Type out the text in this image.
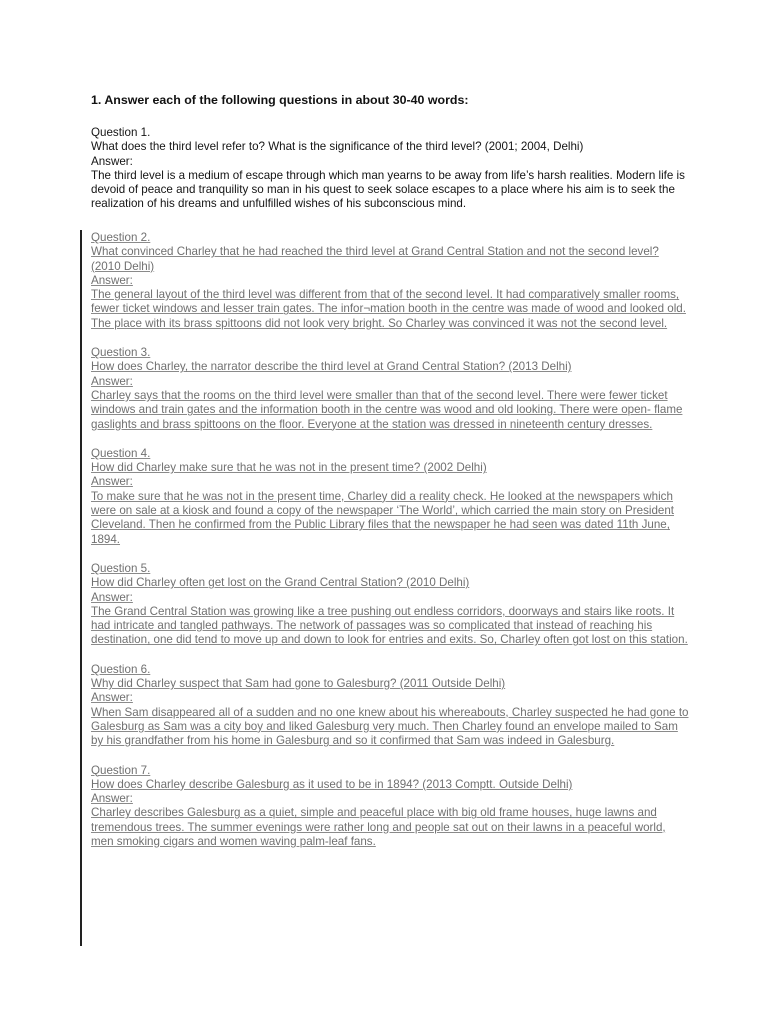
1. Answer each of the following questions in about 30-40 words:

Question 1.

What does the third level refer to? What is the significance of the third level? (2001; 2004, Delhi)

Answer:

The third level is a medium of escape through which man yearns to be away from life’s harsh realities. Modern life is devoid of peace and tranquility so man in his quest to seek solace escapes to a place where his aim is to seek the realization of his dreams and unfulfilled wishes of his subconscious mind.

Question 2.

What convinced Charley that he had reached the third level at Grand Central Station and not the second level? (2010 Delhi)

Answer:

The general layout of the third level was different from that of the second level. It had comparatively smaller rooms, fewer ticket windows and lesser train gates. The infor¬mation booth in the centre was made of wood and looked old. The place with its brass spittoons did not look very bright. So Charley was convinced it was not the second level.

Question 3.

How does Charley, the narrator describe the third level at Grand Central Station? (2013 Delhi)

Answer:

Charley says that the rooms on the third level were smaller than that of the second level. There were fewer ticket windows and train gates and the information booth in the centre was wood and old looking. There were open- flame gaslights and brass spittoons on the floor. Everyone at the station was dressed in nineteenth century dresses.

Question 4.

How did Charley make sure that he was not in the present time? (2002 Delhi)

Answer:

To make sure that he was not in the present time, Charley did a reality check. He looked at the newspapers which were on sale at a kiosk and found a copy of the newspaper ‘The World’, which carried the main story on President Cleveland. Then he confirmed from the Public Library files that the newspaper he had seen was dated 11th June, 1894.

Question 5.

How did Charley often get lost on the Grand Central Station? (2010 Delhi)

Answer:

The Grand Central Station was growing like a tree pushing out endless corridors, doorways and stairs like roots. It had intricate and tangled pathways. The network of passages was so complicated that instead of reaching his destination, one did tend to move up and down to look for entries and exits. So, Charley often got lost on this station.

Question 6.

Why did Charley suspect that Sam had gone to Galesburg? (2011 Outside Delhi)

Answer:

When Sam disappeared all of a sudden and no one knew about his whereabouts, Charley suspected he had gone to Galesburg as Sam was a city boy and liked Galesburg very much. Then Charley found an envelope mailed to Sam by his grandfather from his home in Galesburg and so it confirmed that Sam was indeed in Galesburg.

Question 7.

How does Charley describe Galesburg as it used to be in 1894? (2013 Comptt. Outside Delhi)

Answer:

Charley describes Galesburg as a quiet, simple and peaceful place with big old frame houses, huge lawns and tremendous trees. The summer evenings were rather long and people sat out on their lawns in a peaceful world, men smoking cigars and women waving palm-leaf fans.
